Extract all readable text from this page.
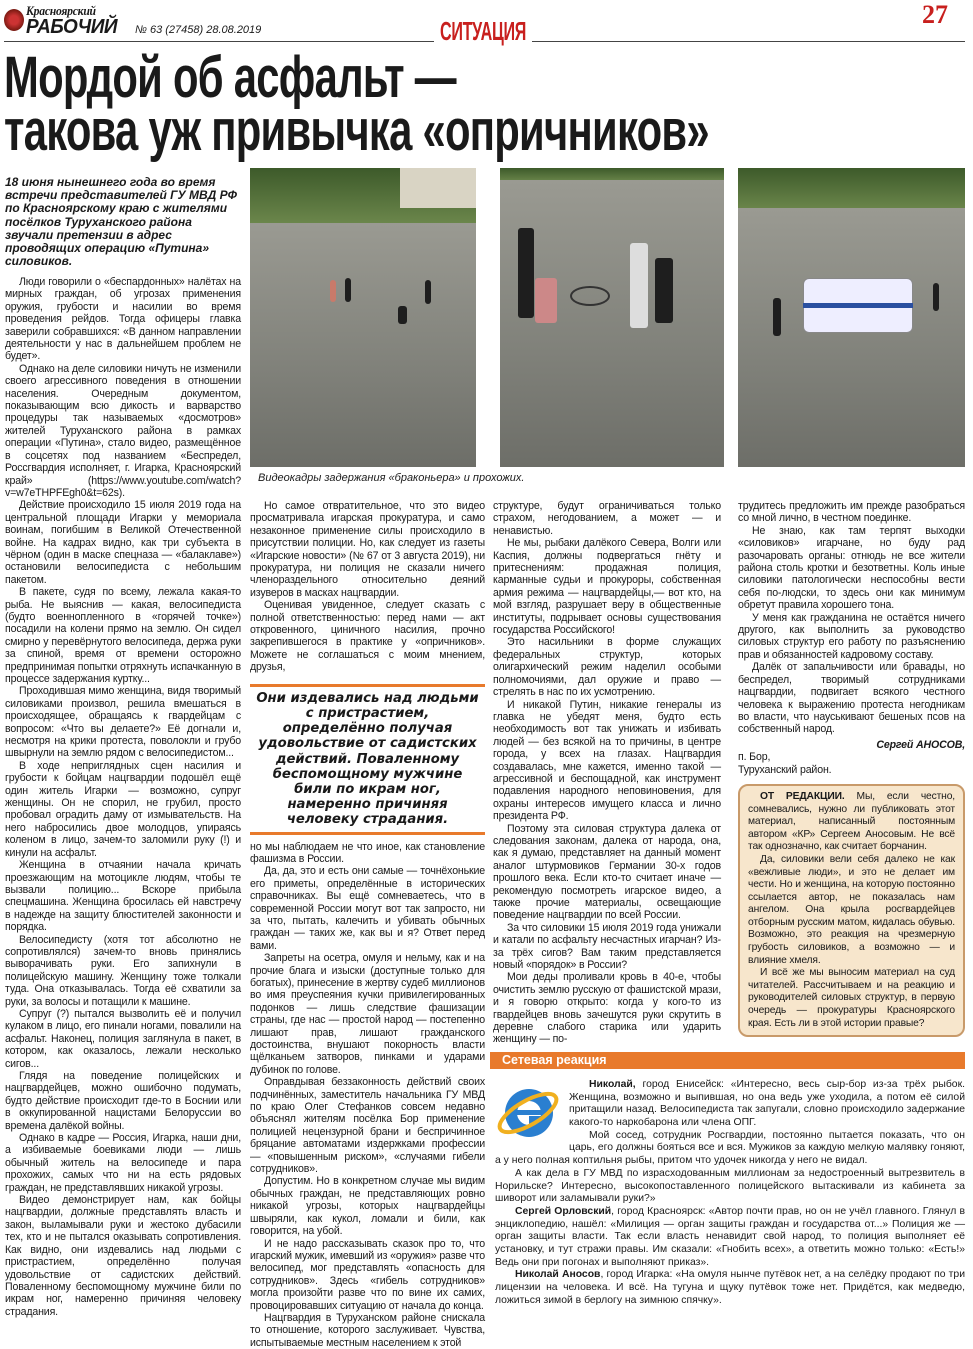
Красноярский
РАБОЧИЙ № 63 (27458) 28.08.2019	СИТУАЦИЯ
27
Мордой об асфальт —
такова уж привычка «опричников»
18 июня нынешнего года во время встречи представителей ГУ МВД РФ по Красноярскому краю с жителями посёлков Туруханского района звучали претензии в адрес проводящих операцию «Путина» силовиков.
Видеокадры задержания «браконьера» и прохожих.

Люди говорили о «беспардонных» налётах на мирных граждан, об угрозах применения оружия, грубости и насилии во время проведения рейдов. Тогда офицеры главка заверили собравшихся: «В данном направлении деятельности у нас в дальнейшем проблем не будет».

Однако на деле силовики ничуть не изменили своего агрессивного поведения в отношении населения. Очередным документом, показывающим всю дикость и варварство процедуры так называемых «досмотров» жителей Туруханского района в рамках операции «Путина», стало видео, размещённое в соцсетях под названием «Беспредел, Россгвардия исполняет, г. Игарка, Красноярский край» (https://www.youtube.com/watch?v=w7eTHPFEgh0&t=62s).

Действие происходило 15 июля 2019 года на центральной площади Игарки у мемориала воинам, погибшим в Великой Отечественной войне. На кадрах видно, как три субъекта в чёрном (один в маске спецназа — «балаклаве») остановили велосипедиста с небольшим пакетом.

В пакете, судя по всему, лежала какая-то рыба. Не выяснив — какая, велосипедиста (будто военнопленного в «горячей точке») посадили на колени прямо на землю. Он сидел смирно у перевёрнутого велосипеда, держа руки за спиной, время от времени осторожно предпринимая попытки отряхнуть испачканную в процессе задержания куртку...

Проходившая мимо женщина, видя творимый силовиками произвол, решила вмешаться в происходящее, обращаясь к гвардейцам с вопросом: «Что вы делаете?» Её догнали и, несмотря на крики протеста, поволокли и грубо швырнули на землю рядом с велосипедистом...

В ходе неприглядных сцен насилия и грубости к бойцам нацгвардии подошёл ещё один житель Игарки — возможно, супруг женщины. Он не спорил, не грубил, просто пробовал оградить даму от измывательств. На него набросились двое молодцов, упираясь коленом в лицо, зачем-то заломили руку (!) и кинули на асфальт.

Женщина в отчаянии начала кричать проезжающим на мотоцикле людям, чтобы те вызвали полицию... Вскоре прибыла спецмашина. Женщина бросилась ей навстречу в надежде на защиту блюстителей законности и порядка.

Велосипедисту (хотя тот абсолютно не сопротивлялся) зачем-то вновь принялись выворачивать руки. Его запихнули в полицейскую машину. Женщину тоже толкали туда. Она отказывалась. Тогда её схватили за руки, за волосы и потащили к машине.

Супруг (?) пытался вызволить её и получил кулаком в лицо, его пинали ногами, повалили на асфальт. Наконец, полиция заглянула в пакет, в котором, как оказалось, лежали несколько сигов...

Глядя на поведение полицейских и нацгвардейцев, можно ошибочно подумать, будто действие происходит где-то в Боснии или в оккупированной нацистами Белоруссии во времена далёкой войны.

Однако в кадре — Россия, Игарка, наши дни, а избиваемые боевиками люди — лишь обычный житель на велосипеде и пара прохожих, самых что ни на есть рядовых граждан, не представлявших никакой угрозы.

Видео демонстрирует нам, как бойцы нацгвардии, должные представлять власть и закон, выламывали руки и жестоко дубасили тех, кто и не пытался оказывать сопротивления. Как видно, они издевались над людьми с пристрастием, определённо получая удовольствие от садистских действий. Поваленному беспомощному мужчине били по икрам ног, намеренно причиняя человеку страдания.

Но самое отвратительное, что это видео просматривала игарская прокуратура, и само незаконное применение силы происходило в присутствии полиции. Но, как следует из газеты «Игарские новости» (№ 67 от 3 августа 2019), ни прокуратура, ни полиция не сказали ничего членораздельного относительно деяний изуверов в масках нацгвардии.

Оценивая увиденное, следует сказать с полной ответственностью: перед нами — акт откровенного, циничного насилия, прочно закрепившегося в практике у «опричников». Можете не соглашаться с моим мнением, друзья,

Они издевались над людьми с пристрастием, определённо получая удовольствие от садистских действий. Поваленному беспомощному мужчине били по икрам ног, намеренно причиняя человеку страдания.

но мы наблюдаем не что иное, как становление фашизма в России.

Да, да, это и есть они самые — точнёхонькие его приметы, определённые в исторических справочниках. Вы ещё сомневаетесь, что в современной России могут вот так запросто, ни за что, пытать, калечить и убивать обычных граждан — таких же, как вы и я? Ответ перед вами.

Запреты на осетра, омуля и нельму, как и на прочие блага и изыски (доступные только для богатых), принесение в жертву судеб миллионов во имя преуспеяния кучки привилегированных подонков — лишь следствие фашизации страны, где нас — простой народ — постепенно лишают прав, лишают гражданского достоинства, внушают покорность власти щёлканьем затворов, пинками и ударами дубинок по голове.

Оправдывая беззаконность действий своих подчинённых, заместитель начальника ГУ МВД по краю Олег Стефанков совсем недавно объяснял жителям посёлка Бор применение полицией нецензурной брани и беспричинное бряцание автоматами издержками профессии — «повышенным риском», «случаями гибели сотрудников».

Допустим. Но в конкретном случае мы видим обычных граждан, не представляющих ровно никакой угрозы, которых нацгвардейцы швыряли, как кукол, ломали и били, как говорится, на убой.

И не надо рассказывать сказок про то, что игарский мужик, имевший из «оружия» разве что велосипед, мог представлять «опасность для сотрудников». Здесь «гибель сотрудников» могла произойти разве что по вине их самих, провоцировавших ситуацию от начала до конца.

Нацгвардия в Туруханском районе снискала то отношение, которого заслуживает. Чувства, испытываемые местным населением к этой

структуре, будут ограничиваться только страхом, негодованием, а может — и ненавистью.

Не мы, рыбаки далёкого Севера, Волги или Каспия, должны подвергаться гнёту и притеснениям: продажная полиция, карманные судьи и прокуроры, собственная армия режима — нацгвардейцы,— вот кто, на мой взгляд, разрушает веру в общественные институты, подрывает основы существования государства Российского!

Это насильники в форме служащих федеральных структур, которых олигархический режим наделил особыми полномочиями, дал оружие и право — стрелять в нас по их усмотрению.

И никакой Путин, никакие генералы из главка не убедят меня, будто есть необходимость вот так унижать и избивать людей — без всякой на то причины, в центре города, у всех на глазах. Нацгвардия создавалась, мне кажется, именно такой — агрессивной и беспощадной, как инструмент подавления народного неповиновения, для охраны интересов имущего класса и лично президента РФ.

Поэтому эта силовая структура далека от следования законам, далека от народа, она, как я думаю, представляет на данный момент аналог штурмовиков Германии 30-х годов прошлого века. Если кто-то считает иначе — рекомендую посмотреть игарское видео, а также прочие материалы, освещающие поведение нацгвардии по всей России.

За что силовики 15 июля 2019 года унижали и катали по асфальту несчастных игарчан? Из-за трёх сигов? Вам таким представляется новый «порядок» в России?

Мои деды проливали кровь в 40-е, чтобы очистить землю русскую от фашистской мрази, и я говорю открыто: когда у кого-то из гвардейцев вновь зачешутся руки скрутить в деревне слабого старика или ударить женщину — по-

трудитесь предложить им прежде разобраться со мной лично, в честном поединке.

Не знаю, как там терпят выходки «силовиков» игарчане, но буду рад разочаровать органы: отнюдь не все жители района столь кротки и безответны. Коль иные силовики патологически неспособны вести себя по-людски, то здесь они как минимум обретут правила хорошего тона.

У меня как гражданина не остаётся ничего другого, как выполнить за руководство силовых структур его работу по разъяснению прав и обязанностей кадровому составу.

Далёк от запальчивости или бравады, но беспредел, творимый сотрудниками нацгвардии, подвигает всякого честного человека к выражению протеста негодникам во власти, что науськивают бешеных псов на собственный народ.

Сергей АНОСОВ,
п. Бор,
Туруханский район.

ОТ РЕДАКЦИИ. Мы, если честно, сомневались, нужно ли публиковать этот материал, написанный постоянным автором «КР» Сергеем Аносовым. Не всё так однозначно, как считает борчанин.

Да, силовики вели себя далеко не как «вежливые люди», и это не делает им чести. Но и женщина, на которую постоянно ссылается автор, не показалась нам ангелом. Она крыла росгвардейцев отборным русским матом, кидалась обувью. Возможно, это реакция на чрезмерную грубость силовиков, а возможно — и влияние хмеля.

И всё же мы выносим материал на суд читателей. Рассчитываем и на реакцию и руководителей силовых структур, в первую очередь — прокуратуры Красноярского края. Есть ли в этой истории правые?

Сетевая реакция

Николай, город Енисейск: «Интересно, весь сыр-бор из-за трёх рыбок. Женщина, возможно и выпившая, но она ведь уже уходила, а потом её силой притащили назад. Велосипедиста так запугали, словно происходило задержание какого-то наркобарона или члена ОПГ.

Мой сосед, сотрудник Росгвардии, постоянно пытается показать, что он царь, его должны бояться все и вся. Мужиков за каждую мелкую малявку гоняют, а у него полная коптильня рыбы, притом что удочек никогда у него не видал.

А как дела в ГУ МВД по израсходованным миллионам за недостроенный вытрезвитель в Норильске? Интересно, высокопоставленного полицейского вытаскивали из кабинета за шиворот или заламывали руки?»

Сергей Орловский, город Красноярск: «Автор почти прав, но он не учёл главного. Глянул в энциклопедию, нашёл: «Милиция — орган защиты граждан и государства от...» Полиция же — орган защиты власти. Так если власть ненавидит свой народ, то полиция выполняет её установку, и тут стражи правы. Им сказали: «Гнобить всех», а ответить можно только: «Есть!» Ведь они при погонах и выполняют приказ».

Николай Аносов, город Игарка: «На омуля нынче путёвок нет, а на селёдку продают по три лицензии на человека. И всё. На тугуна и щуку путёвок тоже нет. Придётся, как медведю, ложиться зимой в берлогу на зимнюю спячку».
